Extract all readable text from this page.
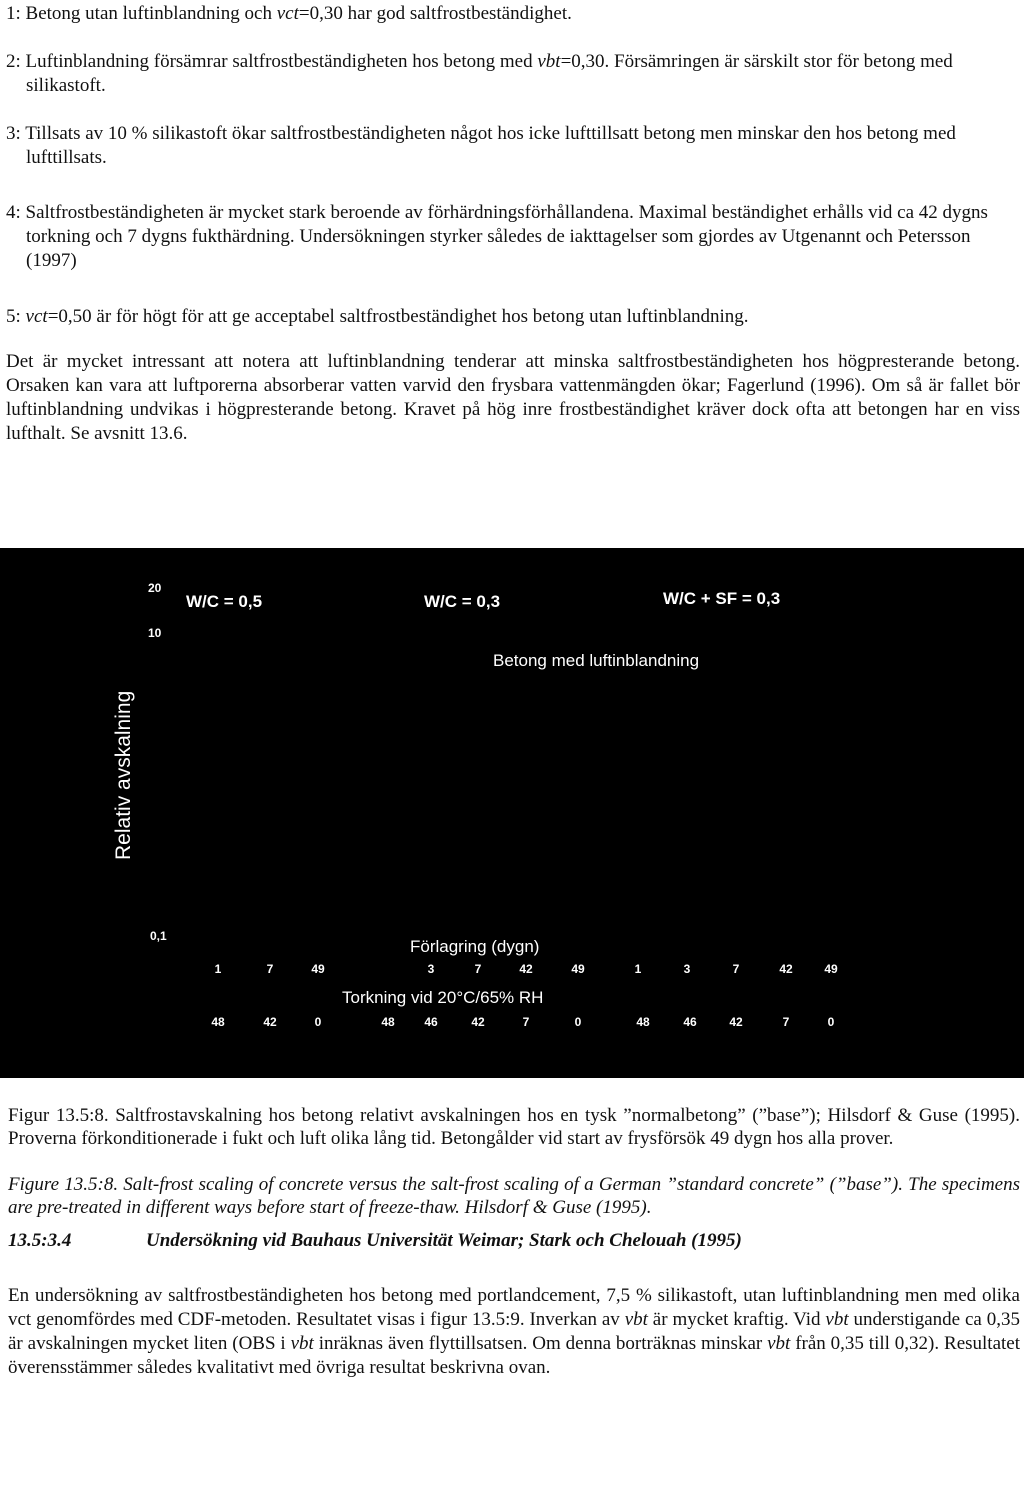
1: Betong utan luftinblandning och vct=0,30 har god saltfrostbeständighet.

2: Luftinblandning försämrar saltfrostbeständigheten hos betong med vbt=0,30. Försämringen är särskilt stor för betong med silikastoft.

3: Tillsats av 10 % silikastoft ökar saltfrostbeständigheten något hos icke lufttillsatt betong men minskar den hos betong med lufttillsats.

4: Saltfrostbeständigheten är mycket stark beroende av förhärdningsförhållandena. Maximal beständighet erhålls vid ca 42 dygns torkning och 7 dygns fukthärdning. Undersökningen styrker således de iakttagelser som gjordes av Utgenannt och Petersson (1997)

5: vct=0,50 är för högt för att ge acceptabel saltfrostbeständighet hos betong utan luftinblandning.

Det är mycket intressant att notera att luftinblandning tenderar att minska saltfrostbeständigheten hos högpresterande betong. Orsaken kan vara att luftporerna absorberar vatten varvid den frysbara vattenmängden ökar; Fagerlund (1996). Om så är fallet bör luftinblandning undvikas i högpresterande betong. Kravet på hög inre frostbeständighet kräver dock ofta att betongen har en viss lufthalt. Se avsnitt 13.6.

20
10
0,1
Relativ avskalning
W/C = 0,5	W/C = 0,3	W/C + SF = 0,3
Betong med luftinblandning
Förlagring (dygn)
1	7	49	3	7	42	49	1	3	7	42	49
Torkning vid 20°C/65% RH
48	42	0	48 46	42	7	0	48	46	42	7	0

Figur 13.5:8. Saltfrostavskalning hos betong relativt avskalningen hos en tysk ”normalbetong” (”base”); Hilsdorf & Guse (1995). Proverna förkonditionerade i fukt och luft olika lång tid. Betongålder vid start av frysförsök 49 dygn hos alla prover.

Figure 13.5:8. Salt-frost scaling of concrete versus the salt-frost scaling of a German ”standard concrete” (”base”). The specimens are pre-treated in different ways before start of freeze-thaw. Hilsdorf & Guse (1995).

13.5:3.4	Undersökning vid Bauhaus Universität Weimar; Stark och Chelouah (1995)

En undersökning av saltfrostbeständigheten hos betong med portlandcement, 7,5 % silikastoft, utan luftinblandning men med olika vct genomfördes med CDF-metoden. Resultatet visas i figur 13.5:9. Inverkan av vbt är mycket kraftig. Vid vbt understigande ca 0,35 är avskalningen mycket liten (OBS i vbt inräknas även flyttillsatsen. Om denna borträknas minskar vbt från 0,35 till 0,32). Resultatet överensstämmer således kvalitativt med övriga resultat beskrivna ovan.
